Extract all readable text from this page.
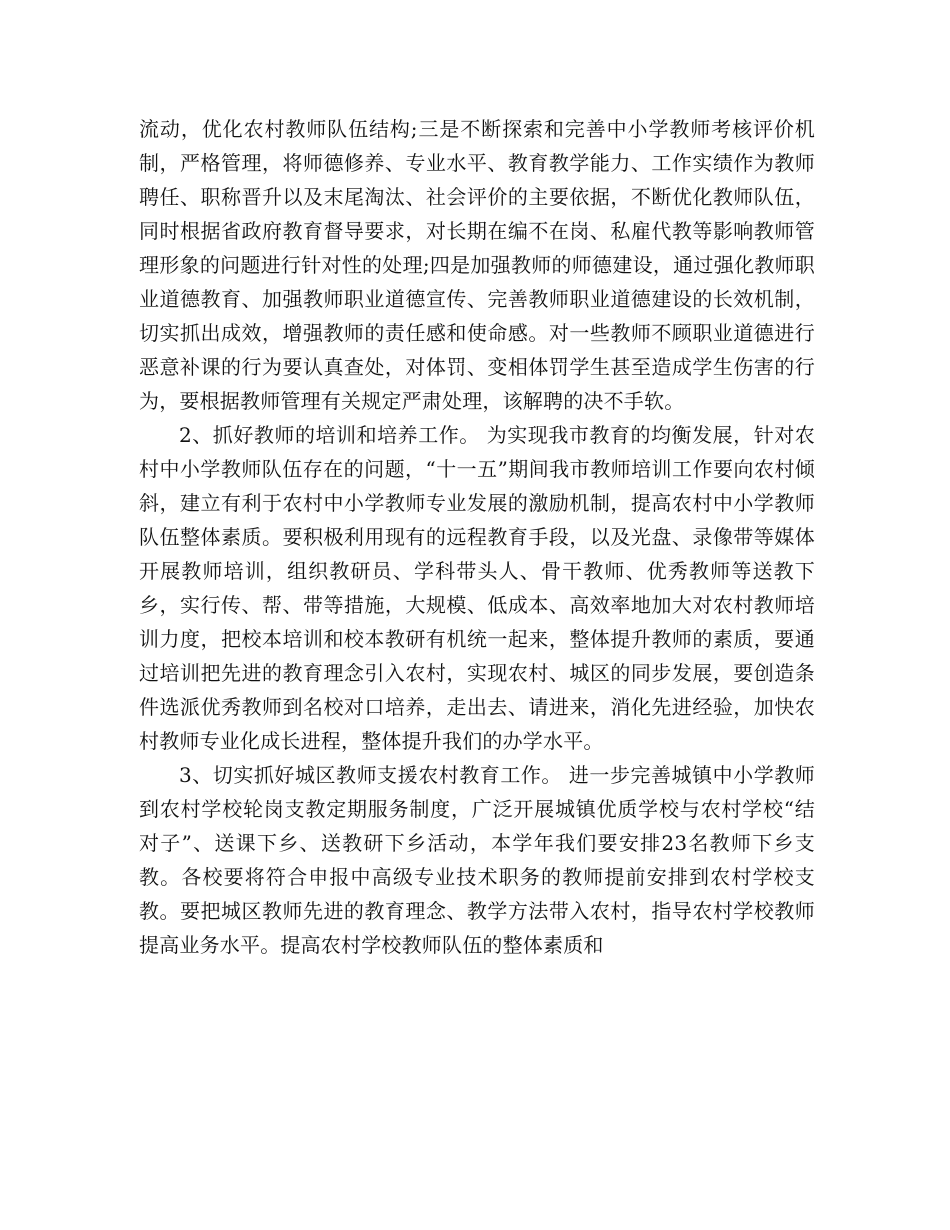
流动，优化农村教师队伍结构;三是不断探索和完善中小学教师考核评价机制，严格管理，将师德修养、专业水平、教育教学能力、工作实绩作为教师聘任、职称晋升以及末尾淘汰、社会评价的主要依据，不断优化教师队伍，同时根据省政府教育督导要求，对长期在编不在岗、私雇代教等影响教师管理形象的问题进行针对性的处理;四是加强教师的师德建设，通过强化教师职业道德教育、加强教师职业道德宣传、完善教师职业道德建设的长效机制，切实抓出成效，增强教师的责任感和使命感。对一些教师不顾职业道德进行恶意补课的行为要认真查处，对体罚、变相体罚学生甚至造成学生伤害的行为，要根据教师管理有关规定严肃处理，该解聘的决不手软。

2、抓好教师的培训和培养工作。 为实现我市教育的均衡发展，针对农村中小学教师队伍存在的问题，“十一五”期间我市教师培训工作要向农村倾斜，建立有利于农村中小学教师专业发展的激励机制，提高农村中小学教师队伍整体素质。要积极利用现有的远程教育手段，以及光盘、录像带等媒体开展教师培训，组织教研员、学科带头人、骨干教师、优秀教师等送教下乡，实行传、帮、带等措施，大规模、低成本、高效率地加大对农村教师培训力度，把校本培训和校本教研有机统一起来，整体提升教师的素质，要通过培训把先进的教育理念引入农村，实现农村、城区的同步发展，要创造条件选派优秀教师到名校对口培养，走出去、请进来，消化先进经验，加快农村教师专业化成长进程，整体提升我们的办学水平。

3、切实抓好城区教师支援农村教育工作。 进一步完善城镇中小学教师到农村学校轮岗支教定期服务制度，广泛开展城镇优质学校与农村学校“结对子”、送课下乡、送教研下乡活动，本学年我们要安排23名教师下乡支教。各校要将符合申报中高级专业技术职务的教师提前安排到农村学校支教。要把城区教师先进的教育理念、教学方法带入农村，指导农村学校教师提高业务水平。提高农村学校教师队伍的整体素质和
